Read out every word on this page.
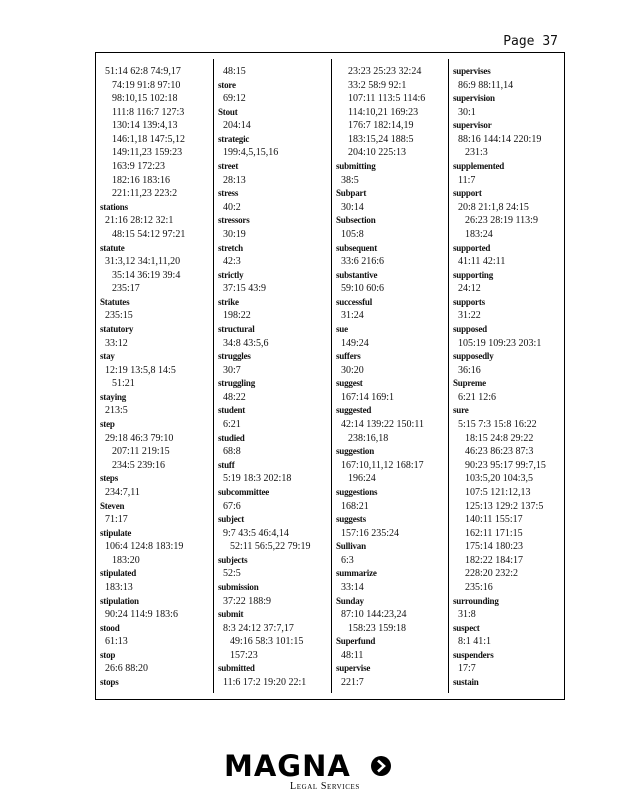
Page 37
51:14 62:8 74:9,17
74:19 91:8 97:10
98:10,15 102:18
111:8 116:7 127:3
130:14 139:4,13
146:1,18 147:5,12
149:11,23 159:23
163:9 172:23
182:16 183:16
221:11,23 223:2
stations
21:16 28:12 32:1
48:15 54:12 97:21
statute
31:3,12 34:1,11,20
35:14 36:19 39:4
235:17
Statutes
235:15
statutory
33:12
stay
12:19 13:5,8 14:5
51:21
staying
213:5
step
29:18 46:3 79:10
207:11 219:15
234:5 239:16
steps
234:7,11
Steven
71:17
stipulate
106:4 124:8 183:19
183:20
stipulated
183:13
stipulation
90:24 114:9 183:6
stood
61:13
stop
26:6 88:20
stops
48:15
store
69:12
Stout
204:14
strategic
199:4,5,15,16
street
28:13
stress
40:2
stressors
30:19
stretch
42:3
strictly
37:15 43:9
strike
198:22
structural
34:8 43:5,6
struggles
30:7
struggling
48:22
student
6:21
studied
68:8
stuff
5:19 18:3 202:18
subcommittee
67:6
subject
9:7 43:5 46:4,14
52:11 56:5,22 79:19
subjects
52:5
submission
37:22 188:9
submit
8:3 24:12 37:7,17
49:16 58:3 101:15
157:23
submitted
11:6 17:2 19:20 22:1
23:23 25:23 32:24
33:2 58:9 92:1
107:11 113:5 114:6
114:10,21 169:23
176:7 182:14,19
183:15,24 188:5
204:10 225:13
submitting
38:5
Subpart
30:14
Subsection
105:8
subsequent
33:6 216:6
substantive
59:10 60:6
successful
31:24
sue
149:24
suffers
30:20
suggest
167:14 169:1
suggested
42:14 139:22 150:11
238:16,18
suggestion
167:10,11,12 168:17
196:24
suggestions
168:21
suggests
157:16 235:24
Sullivan
6:3
summarize
33:14
Sunday
87:10 144:23,24
158:23 159:18
Superfund
48:11
supervise
221:7
supervises
86:9 88:11,14
supervision
30:1
supervisor
88:16 144:14 220:19
231:3
supplemented
11:7
support
20:8 21:1,8 24:15
26:23 28:19 113:9
183:24
supported
41:11 42:11
supporting
24:12
supports
31:22
supposed
105:19 109:23 203:1
supposedly
36:16
Supreme
6:21 12:6
sure
5:15 7:3 15:8 16:22
18:15 24:8 29:22
46:23 86:23 87:3
90:23 95:17 99:7,15
103:5,20 104:3,5
107:5 121:12,13
125:13 129:2 137:5
140:11 155:17
162:11 171:15
175:14 180:23
182:22 184:17
228:20 232:2
235:16
surrounding
31:8
suspect
8:1 41:1
suspenders
17:7
sustain
MAGNA
Legal Services
